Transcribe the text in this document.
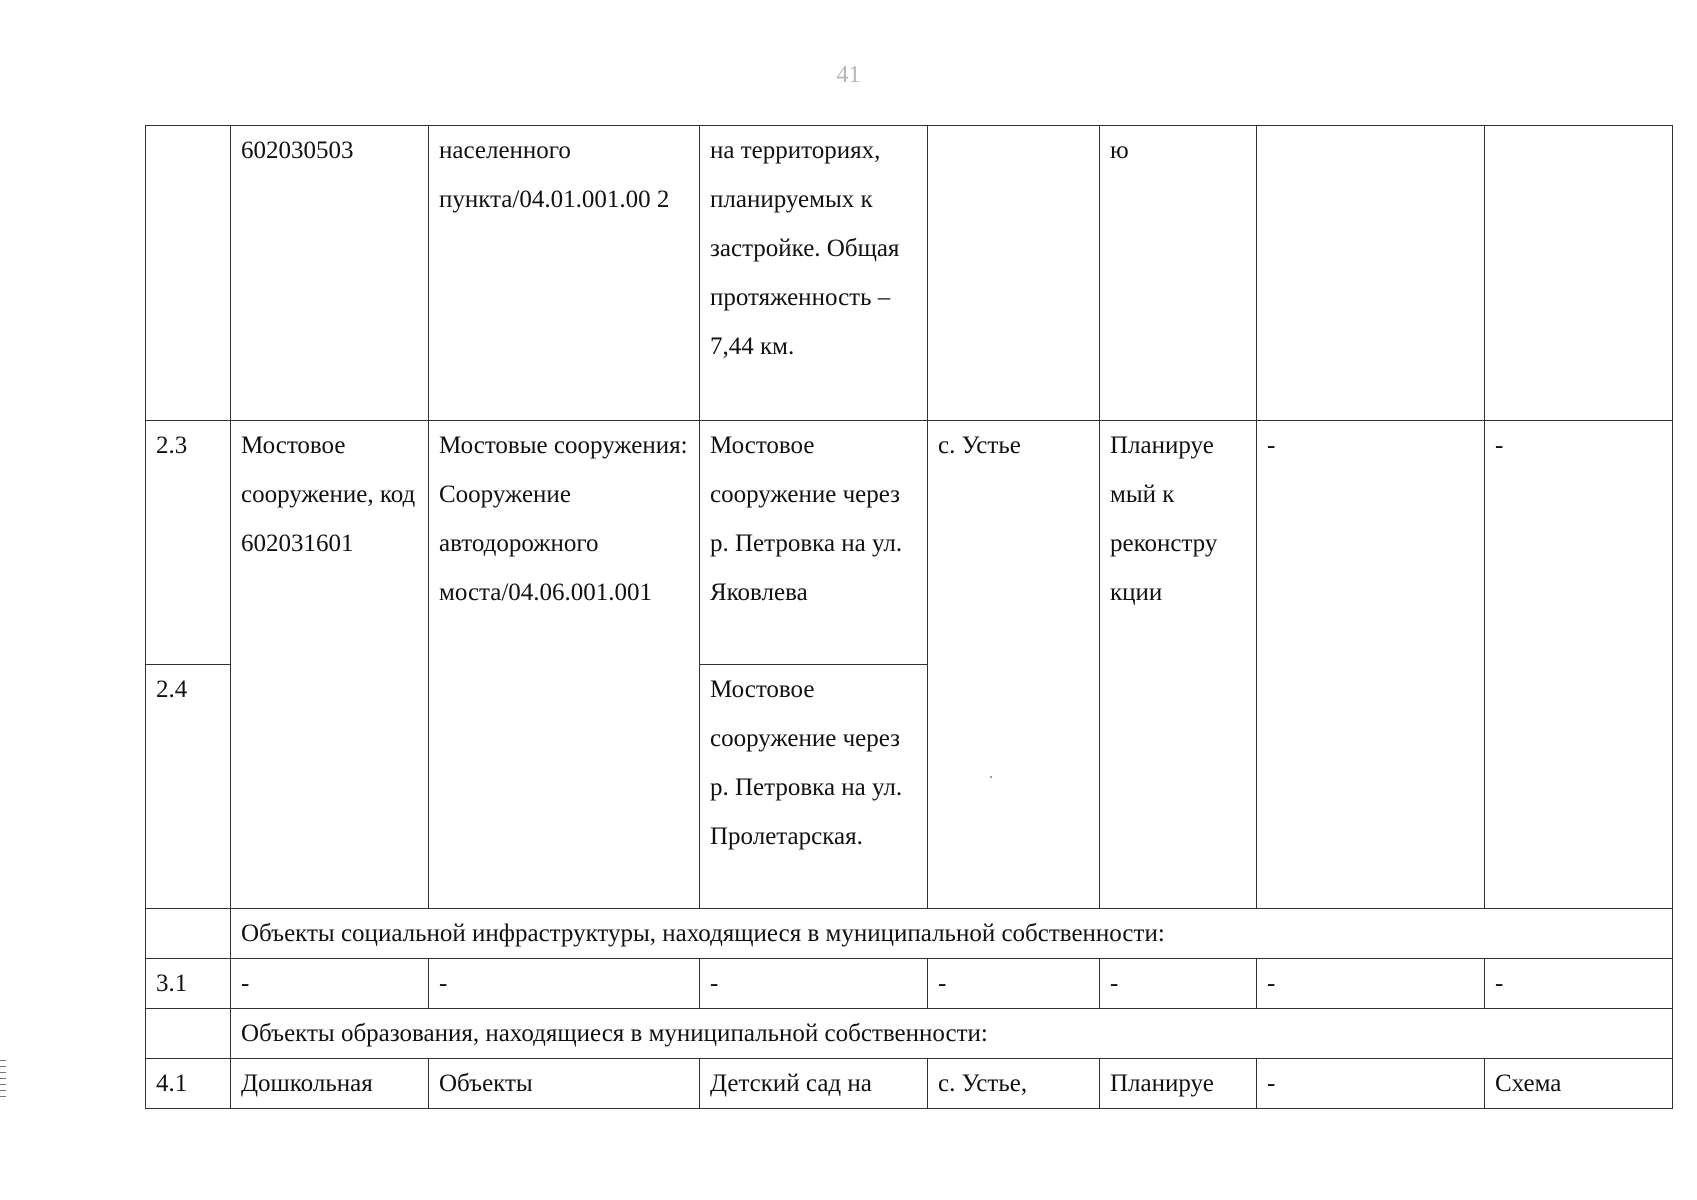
41
	602030503	населенного пункта/04.01.001.00 2	на территориях, планируемых к застройке. Общая протяженность – 7,44 км.		ю		
2.3	Мостовое сооружение, код 602031601	Мостовые сооружения: Сооружение автодорожного моста/04.06.001.001	Мостовое сооружение через р. Петровка на ул. Яковлева	с. Устье	Планируе мый к реконстру кции	-	-
2.4			Мостовое сооружение через р. Петровка на ул. Пролетарская.				
	Объекты социальной инфраструктуры, находящиеся в муниципальной собственности:						
3.1	-	-	-	-	-	-	-
	Объекты образования, находящиеся в муниципальной собственности:						
4.1	Дошкольная	Объекты	Детский сад на	с. Устье,	Планируе	-	Схема
